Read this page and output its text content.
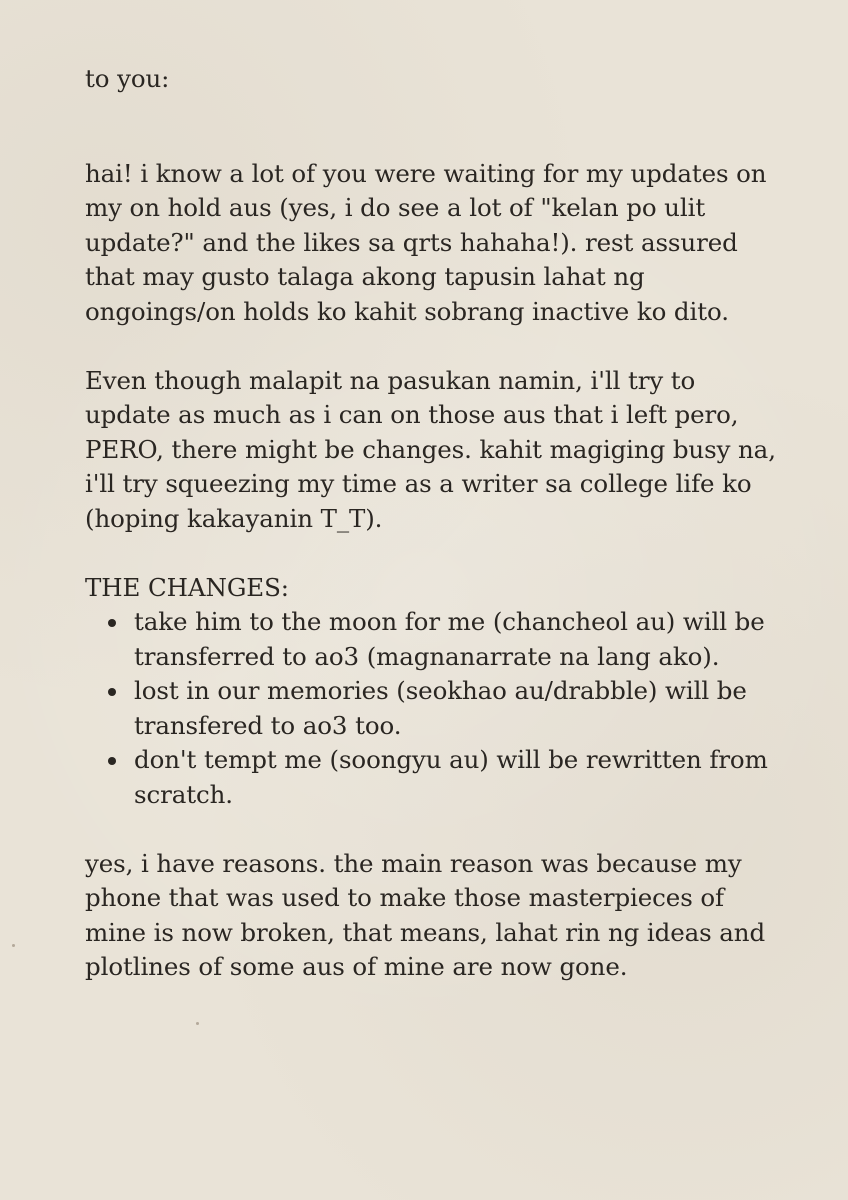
to you:

hai! i know a lot of you were waiting for my updates on my on hold aus (yes, i do see a lot of "kelan po ulit update?" and the likes sa qrts hahaha!). rest assured that may gusto talaga akong tapusin lahat ng ongoings/on holds ko kahit sobrang inactive ko dito.

Even though malapit na pasukan namin, i'll try to update as much as i can on those aus that i left pero, PERO, there might be changes. kahit magiging busy na, i'll try squeezing my time as a writer sa college life ko (hoping kakayanin T_T).

THE CHANGES:

take him to the moon for me (chancheol au) will be transferred to ao3 (magnanarrate na lang ako).
lost in our memories (seokhao au/drabble) will be transfered to ao3 too.
don't tempt me (soongyu au) will be rewritten from scratch.

yes, i have reasons. the main reason was because my phone that was used to make those masterpieces of mine is now broken, that means, lahat rin ng ideas and plotlines of some aus of mine are now gone.
